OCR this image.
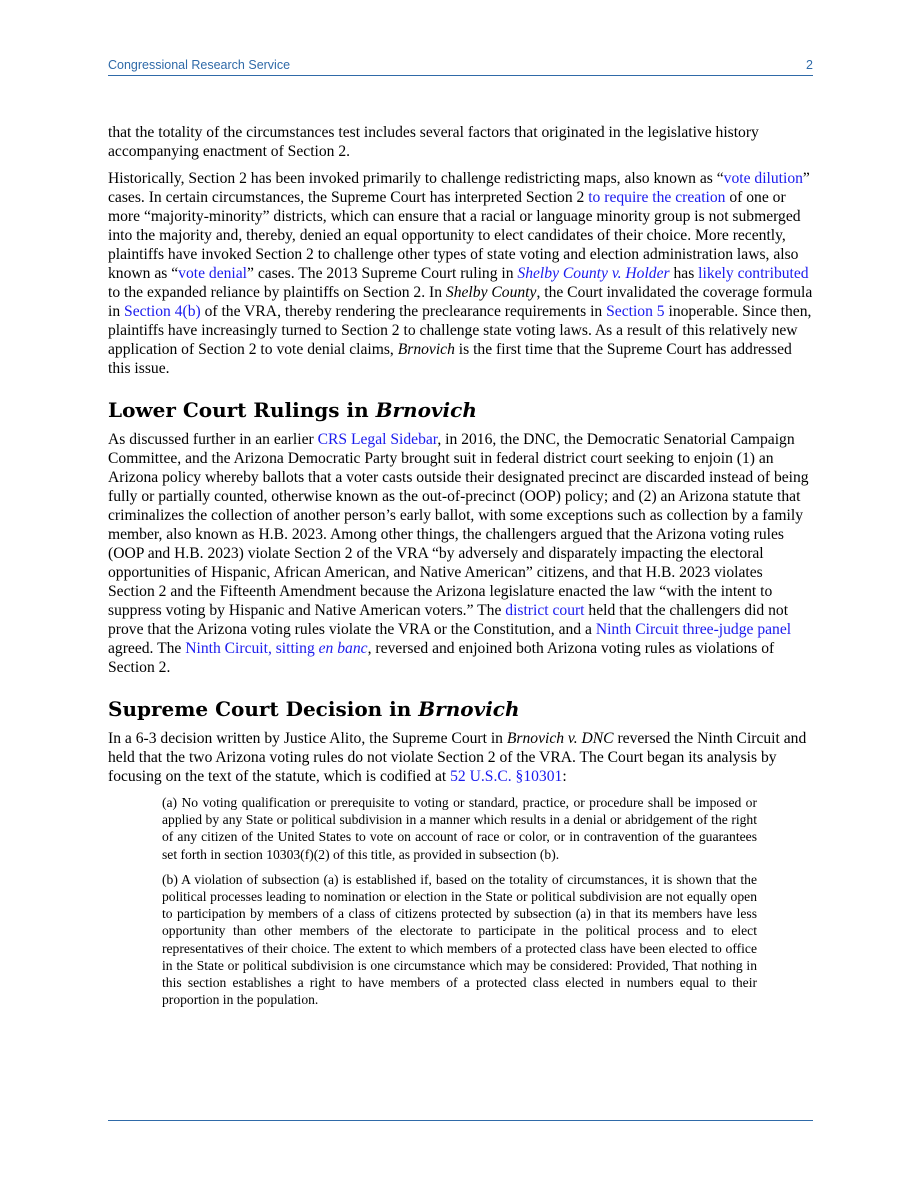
Congressional Research Service	2

that the totality of the circumstances test includes several factors that originated in the legislative history accompanying enactment of Section 2.

Historically, Section 2 has been invoked primarily to challenge redistricting maps, also known as “vote dilution” cases. In certain circumstances, the Supreme Court has interpreted Section 2 to require the creation of one or more “majority-minority” districts, which can ensure that a racial or language minority group is not submerged into the majority and, thereby, denied an equal opportunity to elect candidates of their choice. More recently, plaintiffs have invoked Section 2 to challenge other types of state voting and election administration laws, also known as “vote denial” cases. The 2013 Supreme Court ruling in Shelby County v. Holder has likely contributed to the expanded reliance by plaintiffs on Section 2. In Shelby County, the Court invalidated the coverage formula in Section 4(b) of the VRA, thereby rendering the preclearance requirements in Section 5 inoperable. Since then, plaintiffs have increasingly turned to Section 2 to challenge state voting laws. As a result of this relatively new application of Section 2 to vote denial claims, Brnovich is the first time that the Supreme Court has addressed this issue.

Lower Court Rulings in Brnovich

As discussed further in an earlier CRS Legal Sidebar, in 2016, the DNC, the Democratic Senatorial Campaign Committee, and the Arizona Democratic Party brought suit in federal district court seeking to enjoin (1) an Arizona policy whereby ballots that a voter casts outside their designated precinct are discarded instead of being fully or partially counted, otherwise known as the out-of-precinct (OOP) policy; and (2) an Arizona statute that criminalizes the collection of another person’s early ballot, with some exceptions such as collection by a family member, also known as H.B. 2023. Among other things, the challengers argued that the Arizona voting rules (OOP and H.B. 2023) violate Section 2 of the VRA “by adversely and disparately impacting the electoral opportunities of Hispanic, African American, and Native American” citizens, and that H.B. 2023 violates Section 2 and the Fifteenth Amendment because the Arizona legislature enacted the law “with the intent to suppress voting by Hispanic and Native American voters.” The district court held that the challengers did not prove that the Arizona voting rules violate the VRA or the Constitution, and a Ninth Circuit three-judge panel agreed. The Ninth Circuit, sitting en banc, reversed and enjoined both Arizona voting rules as violations of Section 2.

Supreme Court Decision in Brnovich

In a 6-3 decision written by Justice Alito, the Supreme Court in Brnovich v. DNC reversed the Ninth Circuit and held that the two Arizona voting rules do not violate Section 2 of the VRA. The Court began its analysis by focusing on the text of the statute, which is codified at 52 U.S.C. §10301:

(a) No voting qualification or prerequisite to voting or standard, practice, or procedure shall be imposed or applied by any State or political subdivision in a manner which results in a denial or abridgement of the right of any citizen of the United States to vote on account of race or color, or in contravention of the guarantees set forth in section 10303(f)(2) of this title, as provided in subsection (b).

(b) A violation of subsection (a) is established if, based on the totality of circumstances, it is shown that the political processes leading to nomination or election in the State or political subdivision are not equally open to participation by members of a class of citizens protected by subsection (a) in that its members have less opportunity than other members of the electorate to participate in the political process and to elect representatives of their choice. The extent to which members of a protected class have been elected to office in the State or political subdivision is one circumstance which may be considered: Provided, That nothing in this section establishes a right to have members of a protected class elected in numbers equal to their proportion in the population.
